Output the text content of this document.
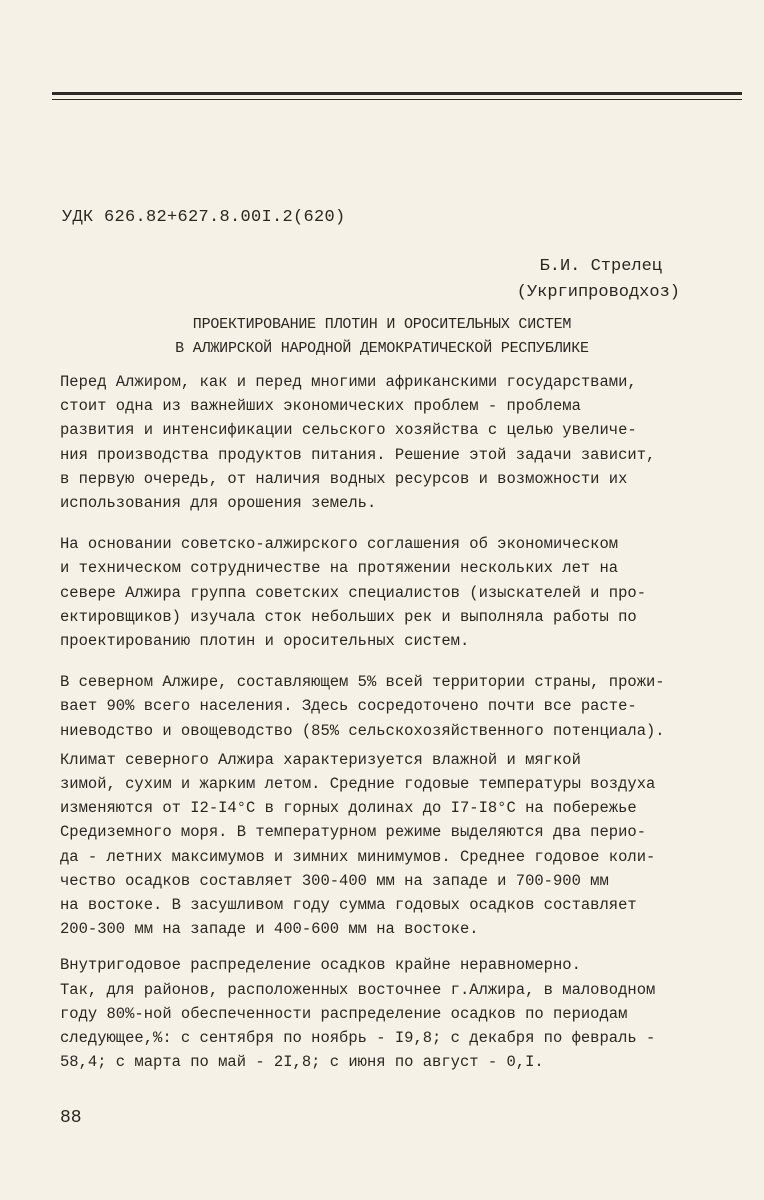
УДК 626.82+627.8.00I.2(620)
Б.И. Стрелец
(Укргипроводхоз)
ПРОЕКТИРОВАНИЕ ПЛОТИН И ОРОСИТЕЛЬНЫХ СИСТЕМ
В АЛЖИРСКОЙ НАРОДНОЙ ДЕМОКРАТИЧЕСКОЙ РЕСПУБЛИКЕ

Перед Алжиром, как и перед многими африканскими государствами,
стоит одна из важнейших экономических проблем - проблема
развития и интенсификации сельского хозяйства с целью увеличе-
ния производства продуктов питания. Решение этой задачи зависит,
в первую очередь, от наличия водных ресурсов и возможности их
использования для орошения земель.

На основании советско-алжирского соглашения об экономическом
и техническом сотрудничестве на протяжении нескольких лет на
севере Алжира группа советских специалистов (изыскателей и про-
ектировщиков) изучала сток небольших рек и выполняла работы по
проектированию плотин и оросительных систем.

В северном Алжире, составляющем 5% всей территории страны, прожи-
вает 90% всего населения. Здесь сосредоточено почти все расте-
ниеводство и овощеводство (85% сельскохозяйственного потенциала).

Климат северного Алжира характеризуется влажной и мягкой
зимой, сухим и жарким летом. Средние годовые температуры воздуха
изменяются от I2-I4°С в горных долинах до I7-I8°С на побережье
Средиземного моря. В температурном режиме выделяются два перио-
да - летних максимумов и зимних минимумов. Среднее годовое коли-
чество осадков составляет 300-400 мм на западе и 700-900 мм
на востоке. В засушливом году сумма годовых осадков составляет
200-300 мм на западе и 400-600 мм на востоке.

Внутригодовое распределение осадков крайне неравномерно.
Так, для районов, расположенных восточнее г.Алжира, в маловодном
году 80%-ной обеспеченности распределение осадков по периодам
следующее,%: с сентября по ноябрь - I9,8; с декабря по февраль -
58,4; с марта по май - 2I,8; с июня по август - 0,I.

88
